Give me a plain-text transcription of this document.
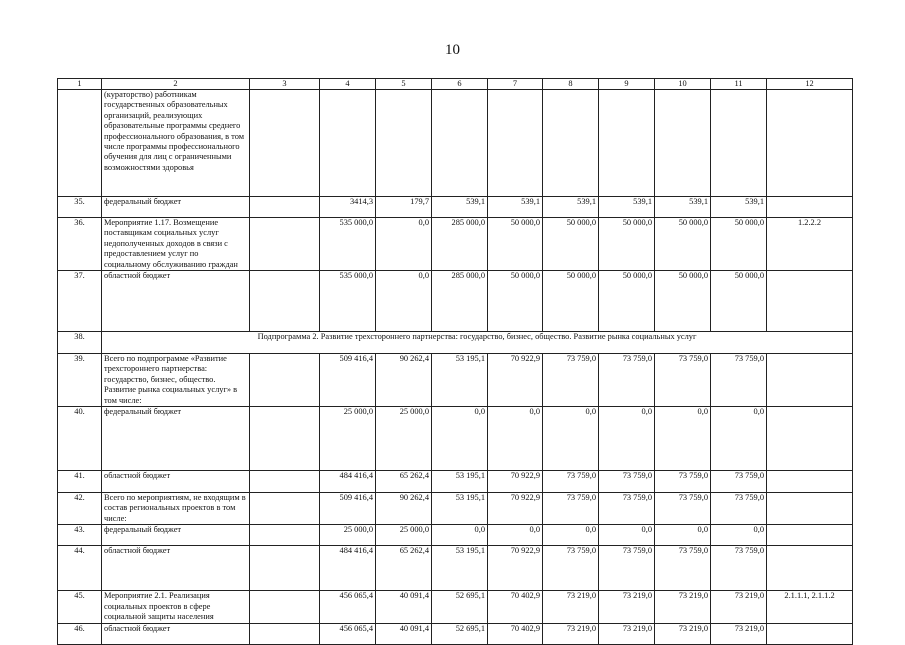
10
1	2	3	4	5	6	7	8	9	10	11	12
	(кураторство) работникам государственных образовательных организаций, реализующих образовательные программы среднего профессионального образования, в том числе программы профессионального обучения для лиц с ограниченными возможностями здоровья										
35.	федеральный бюджет		3414,3	179,7	539,1	539,1	539,1	539,1	539,1	539,1	
36.	Мероприятие 1.17. Возмещение поставщикам социальных услуг недополученных доходов в связи с предоставлением услуг по социальному обслуживанию граждан		535 000,0	0,0	285 000,0	50 000,0	50 000,0	50 000,0	50 000,0	50 000,0	1.2.2.2
37.	областной бюджет		535 000,0	0,0	285 000,0	50 000,0	50 000,0	50 000,0	50 000,0	50 000,0	
38.	Подпрограмма 2. Развитие трехстороннего партнерства: государство, бизнес, общество. Развитие рынка социальных услуг										
39.	Всего по подпрограмме «Развитие трехстороннего партнерства: государство, бизнес, общество. Развитие рынка социальных услуг» в том числе:		509 416,4	90 262,4	53 195,1	70 922,9	73 759,0	73 759,0	73 759,0	73 759,0	
40.	федеральный бюджет		25 000,0	25 000,0	0,0	0,0	0,0	0,0	0,0	0,0	
41.	областной бюджет		484 416,4	65 262,4	53 195,1	70 922,9	73 759,0	73 759,0	73 759,0	73 759,0	
42.	Всего по мероприятиям, не входящим в состав региональных проектов в том числе:		509 416,4	90 262,4	53 195,1	70 922,9	73 759,0	73 759,0	73 759,0	73 759,0	
43.	федеральный бюджет		25 000,0	25 000,0	0,0	0,0	0,0	0,0	0,0	0,0	
44.	областной бюджет		484 416,4	65 262,4	53 195,1	70 922,9	73 759,0	73 759,0	73 759,0	73 759,0	
45.	Мероприятие 2.1. Реализация социальных проектов в сфере социальной защиты населения		456 065,4	40 091,4	52 695,1	70 402,9	73 219,0	73 219,0	73 219,0	73 219,0	2.1.1.1, 2.1.1.2
46.	областной бюджет		456 065,4	40 091,4	52 695,1	70 402,9	73 219,0	73 219,0	73 219,0	73 219,0	
